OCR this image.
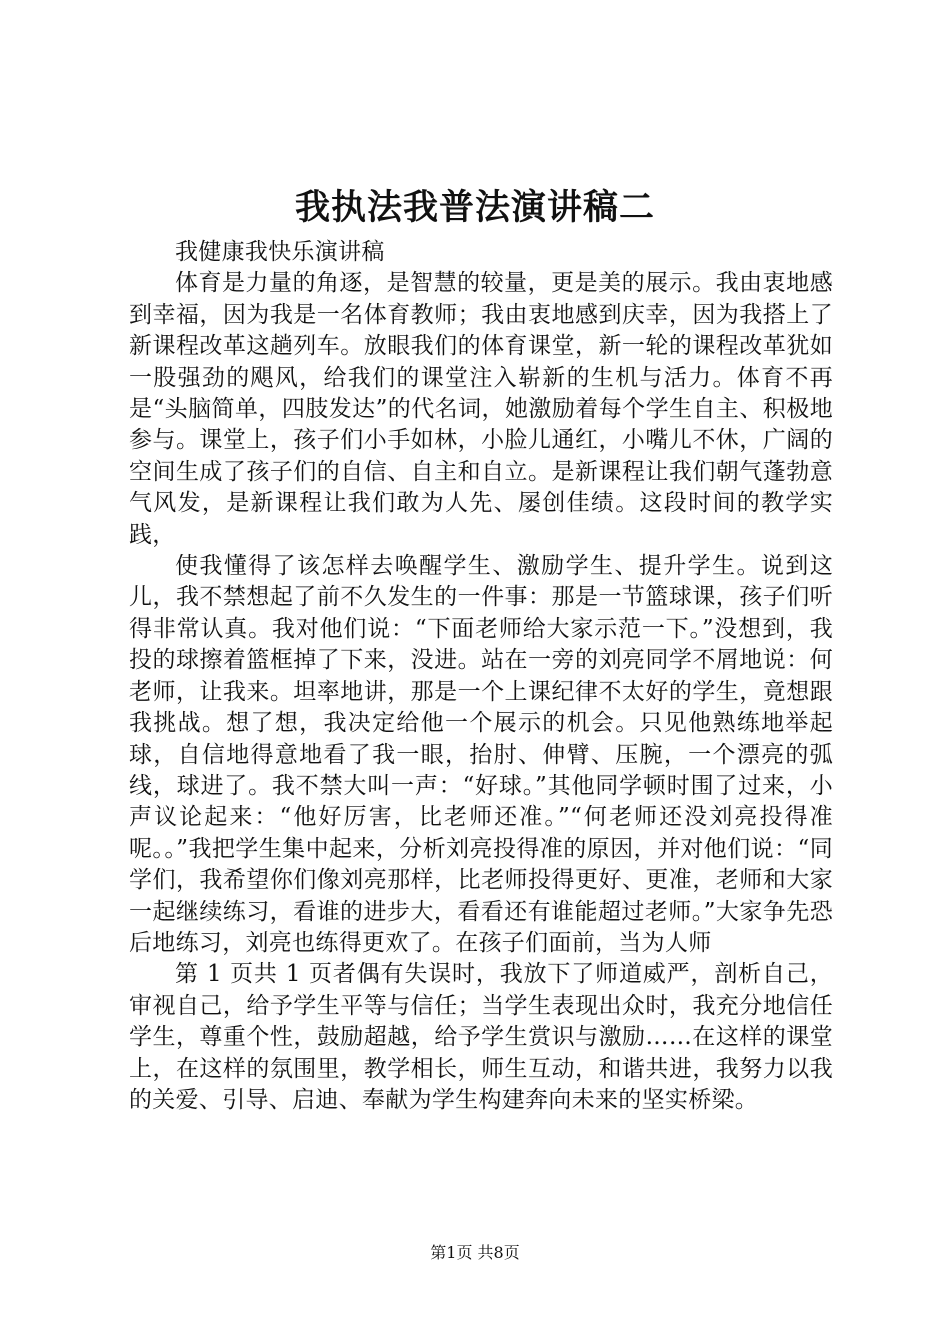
我执法我普法演讲稿二

我健康我快乐演讲稿

体育是力量的角逐，是智慧的较量，更是美的展示。我由衷地感到幸福，因为我是一名体育教师；我由衷地感到庆幸，因为我搭上了新课程改革这趟列车。放眼我们的体育课堂，新一轮的课程改革犹如一股强劲的飓风，给我们的课堂注入崭新的生机与活力。体育不再是“头脑简单，四肢发达”的代名词，她激励着每个学生自主、积极地参与。课堂上，孩子们小手如林，小脸儿通红，小嘴儿不休，广阔的空间生成了孩子们的自信、自主和自立。是新课程让我们朝气蓬勃意气风发，是新课程让我们敢为人先、屡创佳绩。这段时间的教学实践，

使我懂得了该怎样去唤醒学生、激励学生、提升学生。说到这儿，我不禁想起了前不久发生的一件事：那是一节篮球课，孩子们听得非常认真。我对他们说：“下面老师给大家示范一下。”没想到，我投的球擦着篮框掉了下来，没进。站在一旁的刘亮同学不屑地说：何老师，让我来。坦率地讲，那是一个上课纪律不太好的学生，竟想跟我挑战。想了想，我决定给他一个展示的机会。只见他熟练地举起球，自信地得意地看了我一眼，抬肘、伸臂、压腕，一个漂亮的弧线，球进了。我不禁大叫一声：“好球。”其他同学顿时围了过来，小声议论起来：“他好厉害，比老师还准。”“何老师还没刘亮投得准呢。。”我把学生集中起来，分析刘亮投得准的原因，并对他们说：“同学们，我希望你们像刘亮那样，比老师投得更好、更准，老师和大家一起继续练习，看谁的进步大，看看还有谁能超过老师。”大家争先恐后地练习，刘亮也练得更欢了。在孩子们面前，当为人师

第 1 页共 1 页者偶有失误时，我放下了师道威严，剖析自己，审视自己，给予学生平等与信任；当学生表现出众时，我充分地信任学生，尊重个性，鼓励超越，给予学生赏识与激励……在这样的课堂上，在这样的氛围里，教学相长，师生互动，和谐共进，我努力以我的关爱、引导、启迪、奉献为学生构建奔向未来的坚实桥梁。

第1页 共8页
